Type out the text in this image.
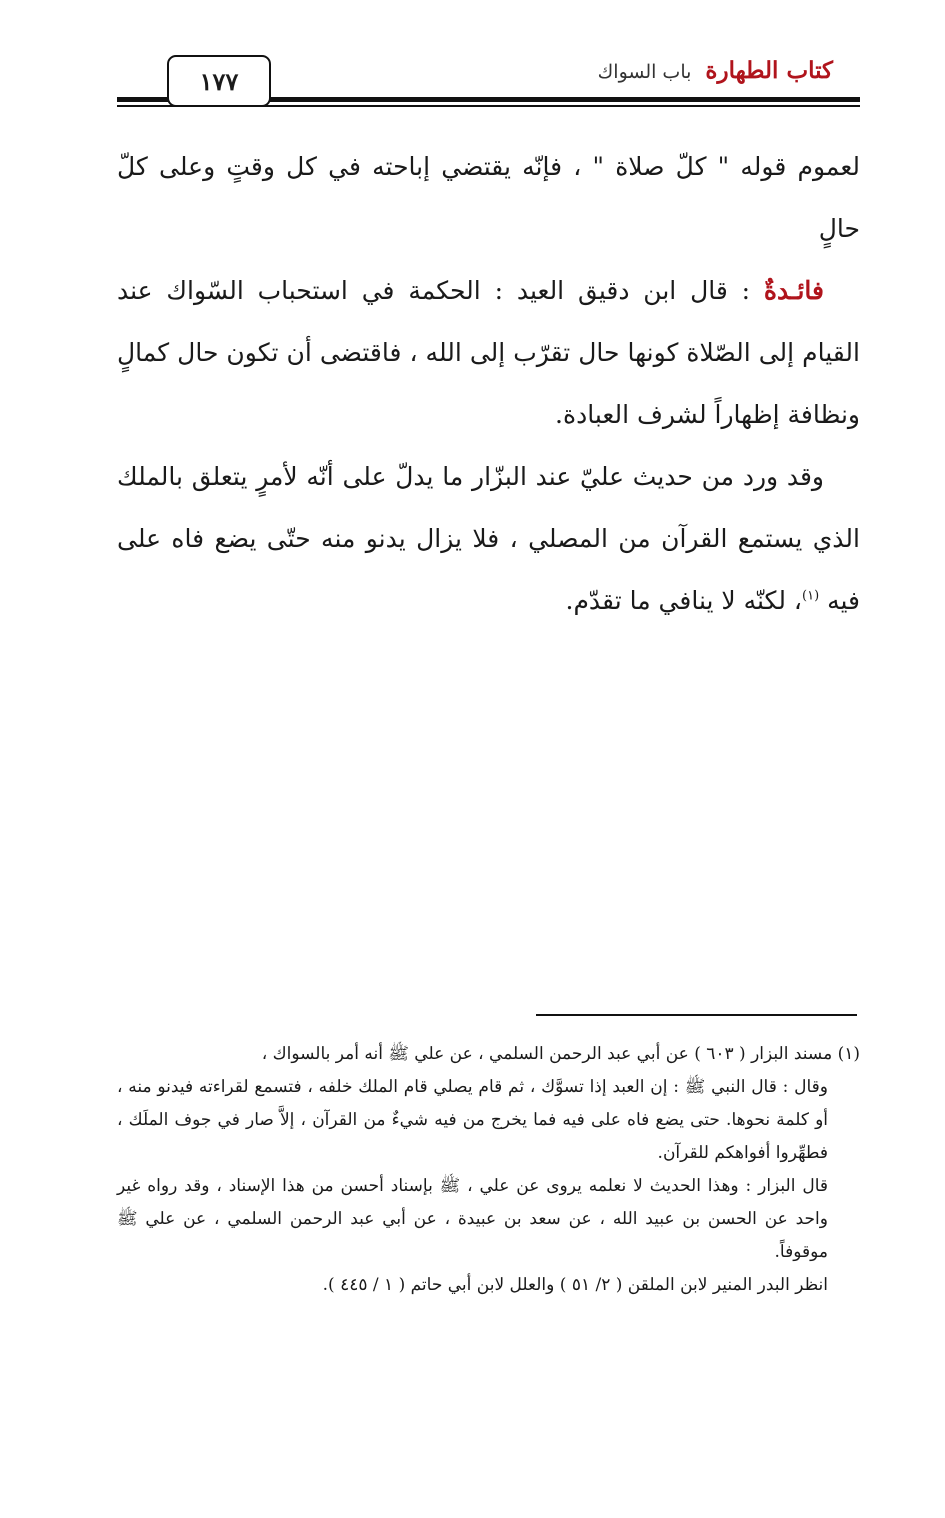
كتاب الطهارةباب السواك
١٧٧

لعموم قوله " كلّ صلاة " ، فإنّه يقتضي إباحته في كل وقتٍ وعلى كلّ حالٍ

فائـدةٌ : قال ابن دقيق العيد : الحكمة في استحباب السّواك عند القيام إلى الصّلاة كونها حال تقرّب إلى الله ، فاقتضى أن تكون حال كمالٍ ونظافة إظهاراً لشرف العبادة.

وقد ورد من حديث عليّ عند البزّار ما يدلّ على أنّه لأمرٍ يتعلق بالملك الذي يستمع القرآن من المصلي ، فلا يزال يدنو منه حتّى يضع فاه على فيه $^{(١)}$، لكنّه لا ينافي ما تقدّم.

(١) مسند البزار ( ٦٠٣ ) عن أبي عبد الرحمن السلمي ، عن علي ﷺ أنه أمر بالسواك ،

وقال : قال النبي ﷺ : إن العبد إذا تسوَّك ، ثم قام يصلي قام الملك خلفه ، فتسمع لقراءته فيدنو منه ، أو كلمة نحوها. حتى يضع فاه على فيه فما يخرج من فيه شيءٌ من القرآن ، إلاَّ صار في جوف الملَك ، فطهِّروا أفواهكم للقرآن.

قال البزار : وهذا الحديث لا نعلمه يروى عن علي ، ﷺ بإسناد أحسن من هذا الإسناد ، وقد رواه غير واحد عن الحسن بن عبيد الله ، عن سعد بن عبيدة ، عن أبي عبد الرحمن السلمي ، عن علي ﷺ موقوفاً.

انظر البدر المنير لابن الملقن ( ٢/ ٥١ ) والعلل لابن أبي حاتم ( ١ / ٤٤٥ ).
